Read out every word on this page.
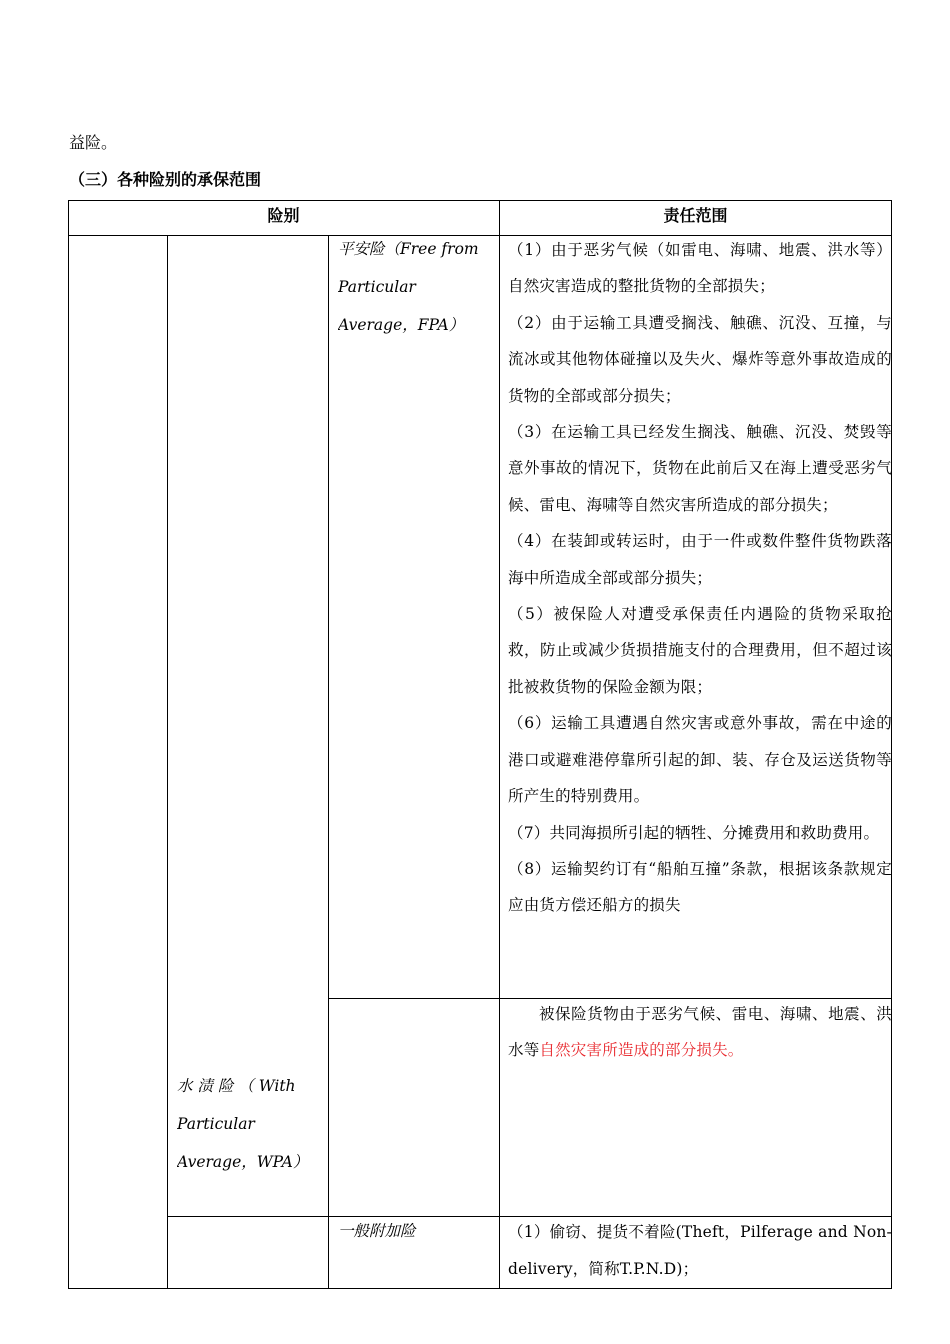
益险。
（三）各种险别的承保范围
险别	责任范围
平安险（Free from
Particular
Average，FPA）

（1）由于恶劣气候（如雷电、海啸、地震、洪水等）自然灾害造成的整批货物的全部损失；

（2）由于运输工具遭受搁浅、触礁、沉没、互撞，与流冰或其他物体碰撞以及失火、爆炸等意外事故造成的货物的全部或部分损失；

（3）在运输工具已经发生搁浅、触礁、沉没、焚毁等意外事故的情况下，货物在此前后又在海上遭受恶劣气候、雷电、海啸等自然灾害所造成的部分损失；

（4）在装卸或转运时，由于一件或数件整件货物跌落海中所造成全部或部分损失；

（5）被保险人对遭受承保责任内遇险的货物采取抢救，防止或减少货损措施支付的合理费用，但不超过该批被救货物的保险金额为限；

（6）运输工具遭遇自然灾害或意外事故，需在中途的港口或避难港停靠所引起的卸、装、存仓及运送货物等所产生的特别费用。

（7）共同海损所引起的牺牲、分摊费用和救助费用。

（8）运输契约订有“船舶互撞”条款，根据该条款规定应由货方偿还船方的损失

水 渍 险 （ With
Particular
Average，WPA）
被保险货物由于恶劣气候、雷电、海啸、地震、洪水等自然灾害所造成的部分损失。
一般附加险	（1）偷窃、提货不着险(Theft，Pilferage and Non-delivery，简称T.P.N.D)；
